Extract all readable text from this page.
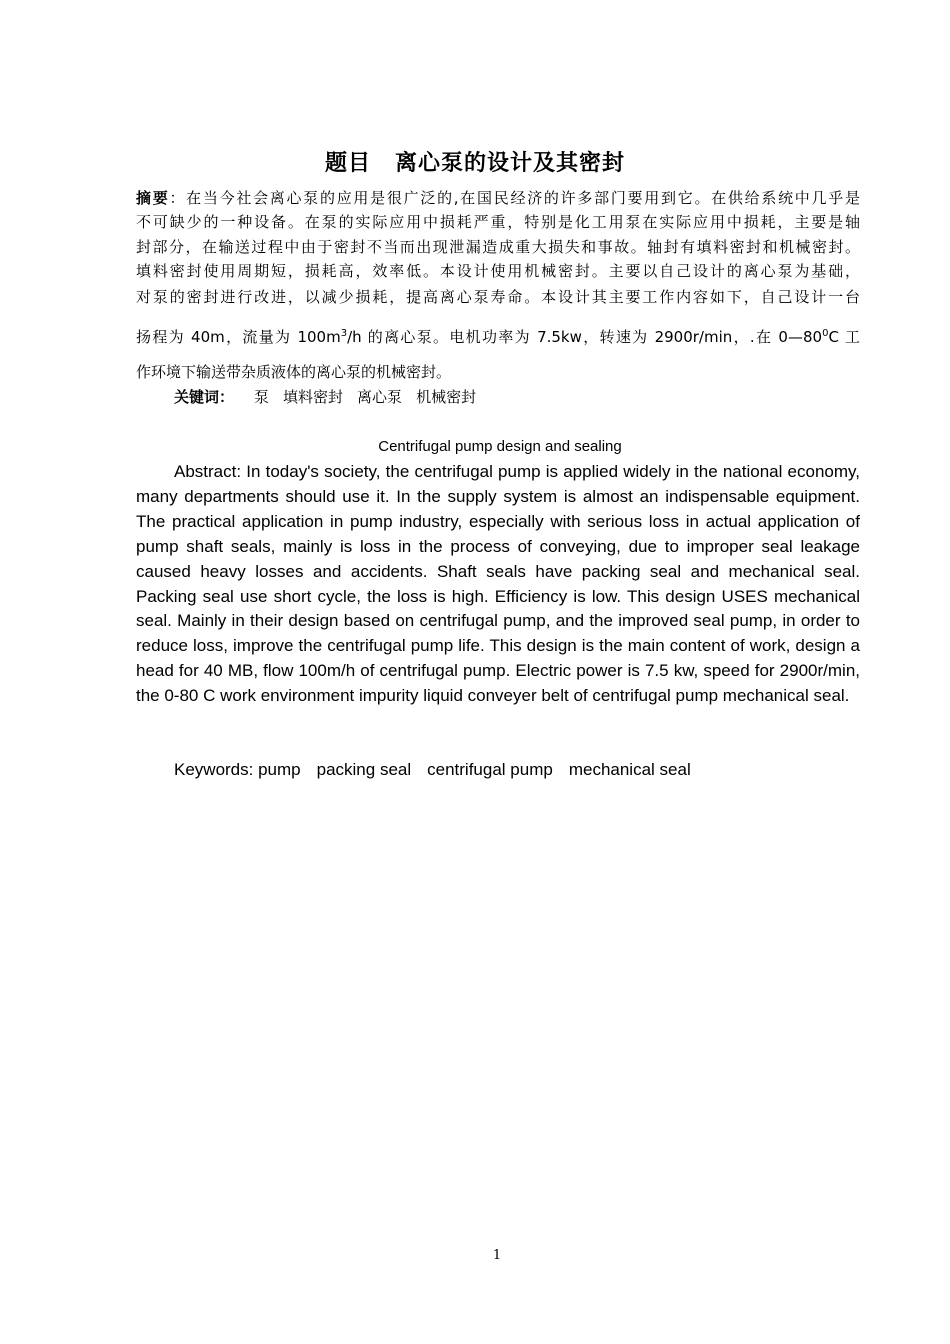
题目 离心泵的设计及其密封
摘要：在当今社会离心泵的应用是很广泛的,在国民经济的许多部门要用到它。在供给系统中几乎是
不可缺少的一种设备。在泵的实际应用中损耗严重，特别是化工用泵在实际应用中损耗，主要是轴
封部分，在输送过程中由于密封不当而出现泄漏造成重大损失和事故。轴封有填料密封和机械密封。
填料密封使用周期短，损耗高，效率低。本设计使用机械密封。主要以自己设计的离心泵为基础，
对泵的密封进行改进，以减少损耗，提高离心泵寿命。本设计其主要工作内容如下，自己设计一台
扬程为 40m，流量为 $100m^3/h$ 的离心泵。电机功率为 7.5kw，转速为 2900r/min，.在 $0—80^0C$ 工
作环境下输送带杂质液体的离心泵的机械密封。
关键词： 泵 填料密封 离心泵 机械密封
Centrifugal pump design and sealing

Abstract: In today's society, the centrifugal pump is applied widely in the national economy, many departments should use it. In the supply system is almost an indispensable equipment. The practical application in pump industry, especially with serious loss in actual application of pump shaft seals, mainly is loss in the process of conveying, due to improper seal leakage caused heavy losses and accidents. Shaft seals have packing seal and mechanical seal. Packing seal use short cycle, the loss is high. Efficiency is low. This design USES mechanical seal. Mainly in their design based on centrifugal pump, and the improved seal pump, in order to reduce loss, improve the centrifugal pump life. This design is the main content of work, design a head for 40 MB, flow 100m/h of centrifugal pump. Electric power is 7.5 kw, speed for 2900r/min, the 0-80 C work environment impurity liquid conveyer belt of centrifugal pump mechanical seal.

Keywords: pump packing seal centrifugal pump mechanical seal
1
